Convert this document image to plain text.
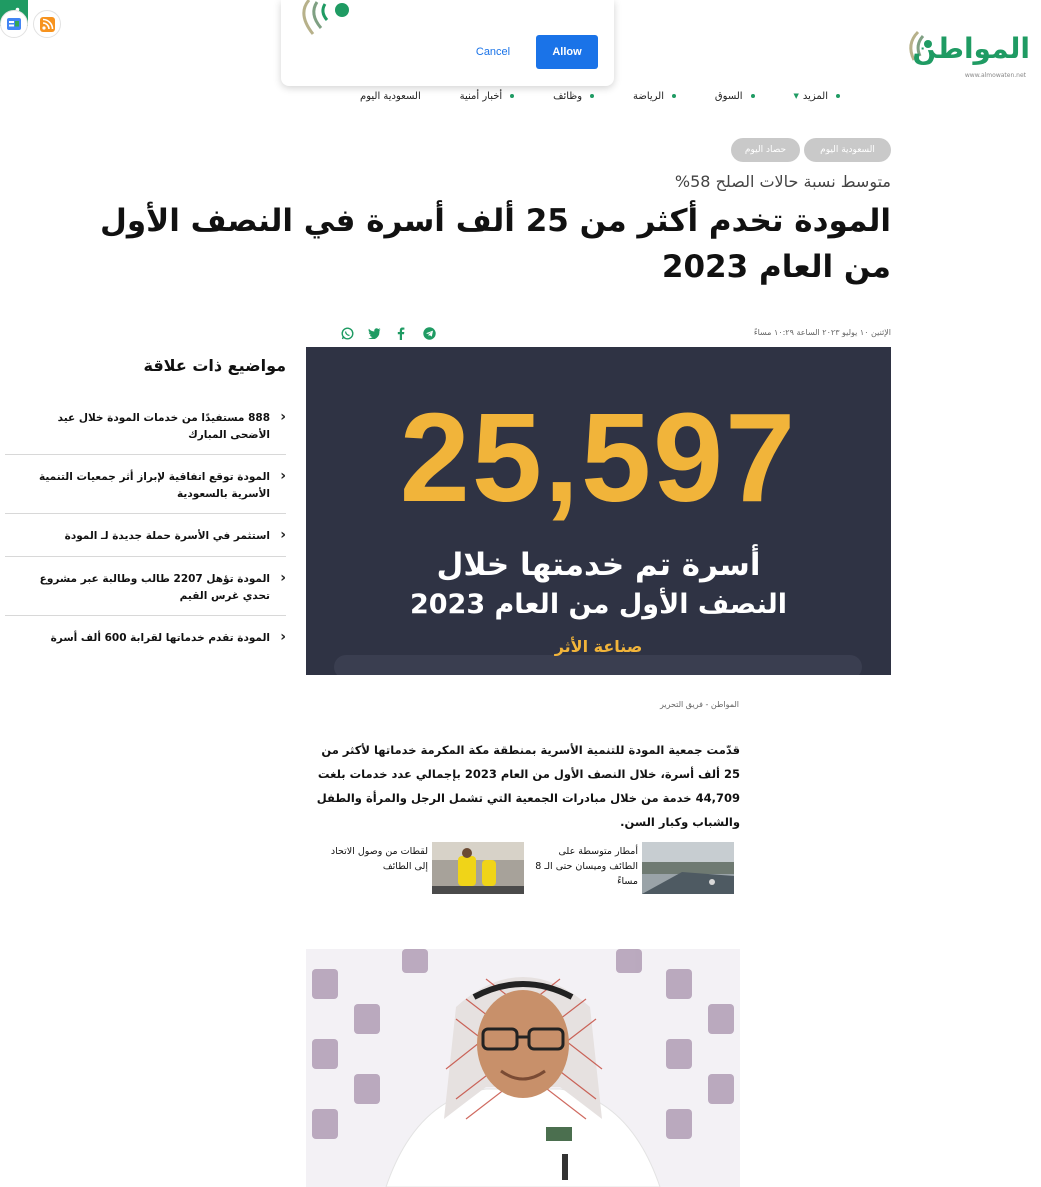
Cancel	Allow	المواطن
www.almowaten.net
السعودية اليوم	أخبار أمنية	وظائف	الرياضة	السوق	المزيد
▼
السعودية اليوم
حصاد اليوم
متوسط نسبة حالات الصلح 58%
المودة تخدم أكثر من 25 ألف أسرة في النصف الأول من العام 2023
الإثنين ١٠ يوليو ٢٠٢٣ الساعة ١٠:٢٩ مساءً
25,597
أسرة تم خدمتها خلال
النصف الأول من العام 2023
صناعة الأثر
مواضيع ذات علاقة
‹
888 مستفيدًا من خدمات المودة خلال عيد الأضحى المبارك
‹
المودة توقع اتفاقية لإبراز أثر جمعيات التنمية الأسرية بالسعودية
‹
استثمر في الأسرة حملة جديدة لـ المودة
‹
المودة تؤهل 2207 طالب وطالبة عبر مشروع تحدي غرس القيم
‹
المودة تقدم خدماتها لقرابة 600 ألف أسرة
المواطن - فريق التحرير

قدّمت جمعية المودة للتنمية الأسرية بمنطقة مكة المكرمة خدماتها لأكثر من 25 ألف أسرة، خلال النصف الأول من العام 2023 بإجمالي عدد خدمات بلغت 44,709 خدمة من خلال مبادرات الجمعية التي تشمل الرجل والمرأة والطفل والشباب وكبار السن.

أمطار متوسطة على الطائف وميسان حتى الـ 8 مساءً
لقطات من وصول الاتحاد إلى الطائف
